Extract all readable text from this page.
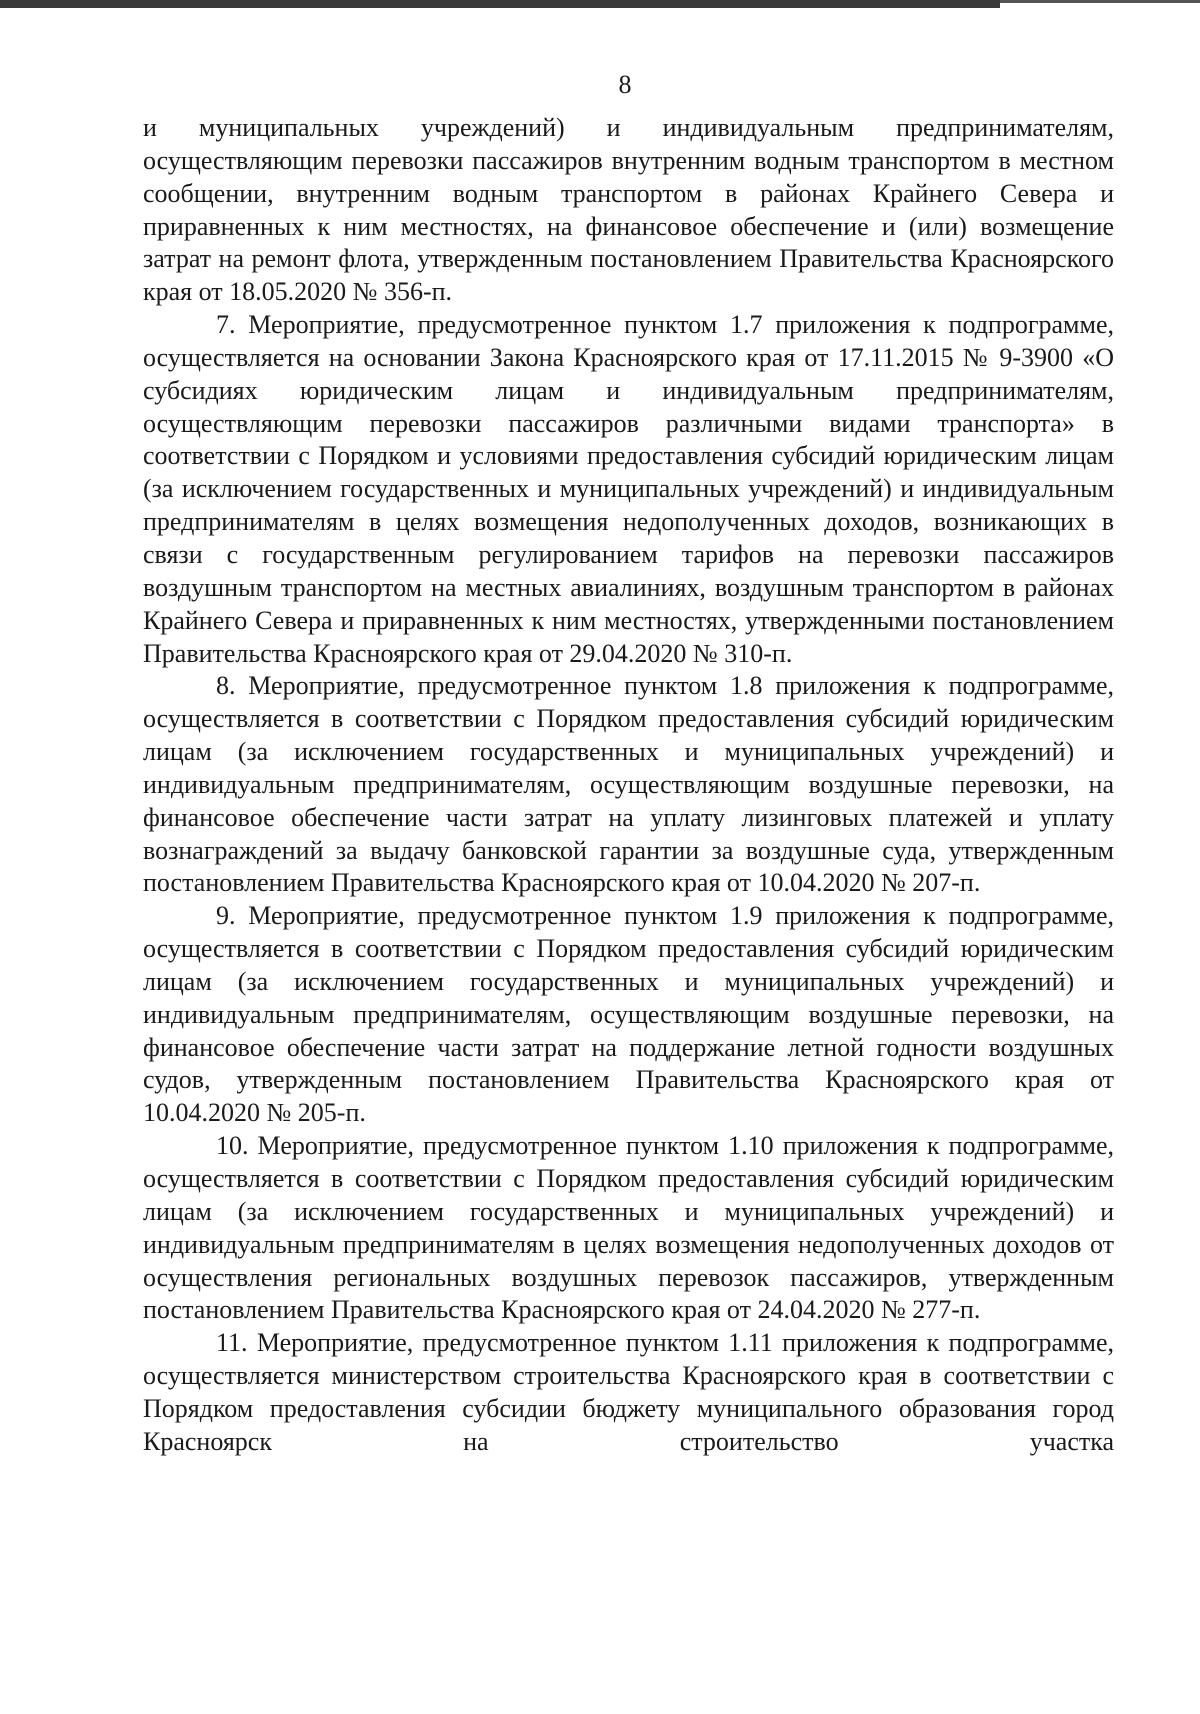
8

и муниципальных учреждений) и индивидуальным предпринимателям, осуществляющим перевозки пассажиров внутренним водным транспортом в местном сообщении, внутренним водным транспортом в районах Крайнего Севера и приравненных к ним местностях, на финансовое обеспечение и (или) возмещение затрат на ремонт флота, утвержденным постановлением Правительства Красноярского края от 18.05.2020 № 356-п.

7. Мероприятие, предусмотренное пунктом 1.7 приложения к подпрограмме, осуществляется на основании Закона Красноярского края от 17.11.2015 № 9-3900 «О субсидиях юридическим лицам и индивидуальным предпринимателям, осуществляющим перевозки пассажиров различными видами транспорта» в соответствии с Порядком и условиями предоставления субсидий юридическим лицам (за исключением государственных и муниципальных учреждений) и индивидуальным предпринимателям в целях возмещения недополученных доходов, возникающих в связи с государственным регулированием тарифов на перевозки пассажиров воздушным транспортом на местных авиалиниях, воздушным транспортом в районах Крайнего Севера и приравненных к ним местностях, утвержденными постановлением Правительства Красноярского края от 29.04.2020 № 310-п.

8. Мероприятие, предусмотренное пунктом 1.8 приложения к подпрограмме, осуществляется в соответствии с Порядком предоставления субсидий юридическим лицам (за исключением государственных и муниципальных учреждений) и индивидуальным предпринимателям, осуществляющим воздушные перевозки, на финансовое обеспечение части затрат на уплату лизинговых платежей и уплату вознаграждений за выдачу банковской гарантии за воздушные суда, утвержденным постановлением Правительства Красноярского края от 10.04.2020 № 207-п.

9. Мероприятие, предусмотренное пунктом 1.9 приложения к подпрограмме, осуществляется в соответствии с Порядком предоставления субсидий юридическим лицам (за исключением государственных и муниципальных учреждений) и индивидуальным предпринимателям, осуществляющим воздушные перевозки, на финансовое обеспечение части затрат на поддержание летной годности воздушных судов, утвержденным постановлением Правительства Красноярского края от 10.04.2020 № 205-п.

10. Мероприятие, предусмотренное пунктом 1.10 приложения к подпрограмме, осуществляется в соответствии с Порядком предоставления субсидий юридическим лицам (за исключением государственных и муниципальных учреждений) и индивидуальным предпринимателям в целях возмещения недополученных доходов от осуществления региональных воздушных перевозок пассажиров, утвержденным постановлением Правительства Красноярского края от 24.04.2020 № 277-п.

11. Мероприятие, предусмотренное пунктом 1.11 приложения к подпрограмме, осуществляется министерством строительства Красноярского края в соответствии с Порядком предоставления субсидии бюджету муниципального образования город Красноярск на строительство участка
